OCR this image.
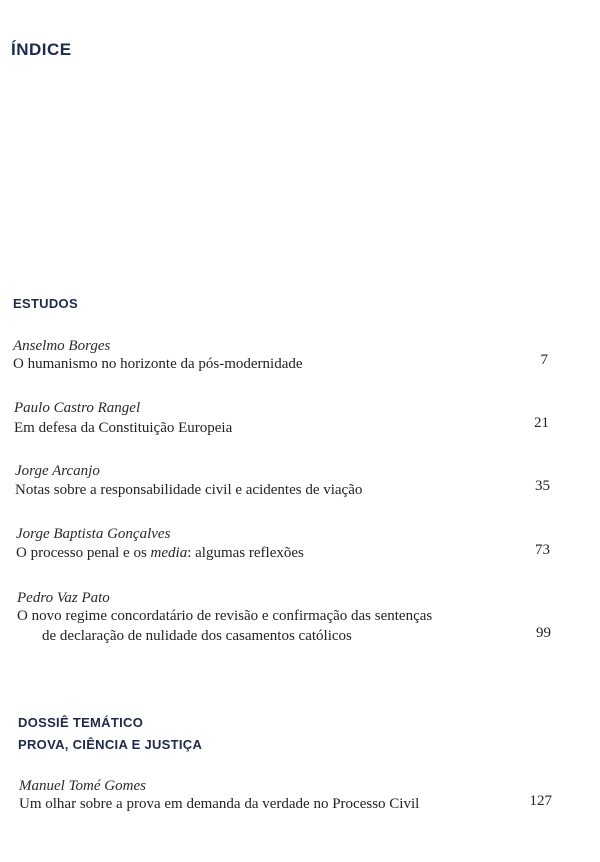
ÍNDICE
ESTUDOS
Anselmo Borges
O humanismo no horizonte da pós-modernidade	7
Paulo Castro Rangel
Em defesa da Constituição Europeia	21
Jorge Arcanjo
Notas sobre a responsabilidade civil e acidentes de viação	35
Jorge Baptista Gonçalves
O processo penal e os media: algumas reflexões	73
Pedro Vaz Pato
O novo regime concordatário de revisão e confirmação das sentenças
de declaração de nulidade dos casamentos católicos	99
DOSSIÊ TEMÁTICO
PROVA, CIÊNCIA E JUSTIÇA
Manuel Tomé Gomes
Um olhar sobre a prova em demanda da verdade no Processo Civil	127
